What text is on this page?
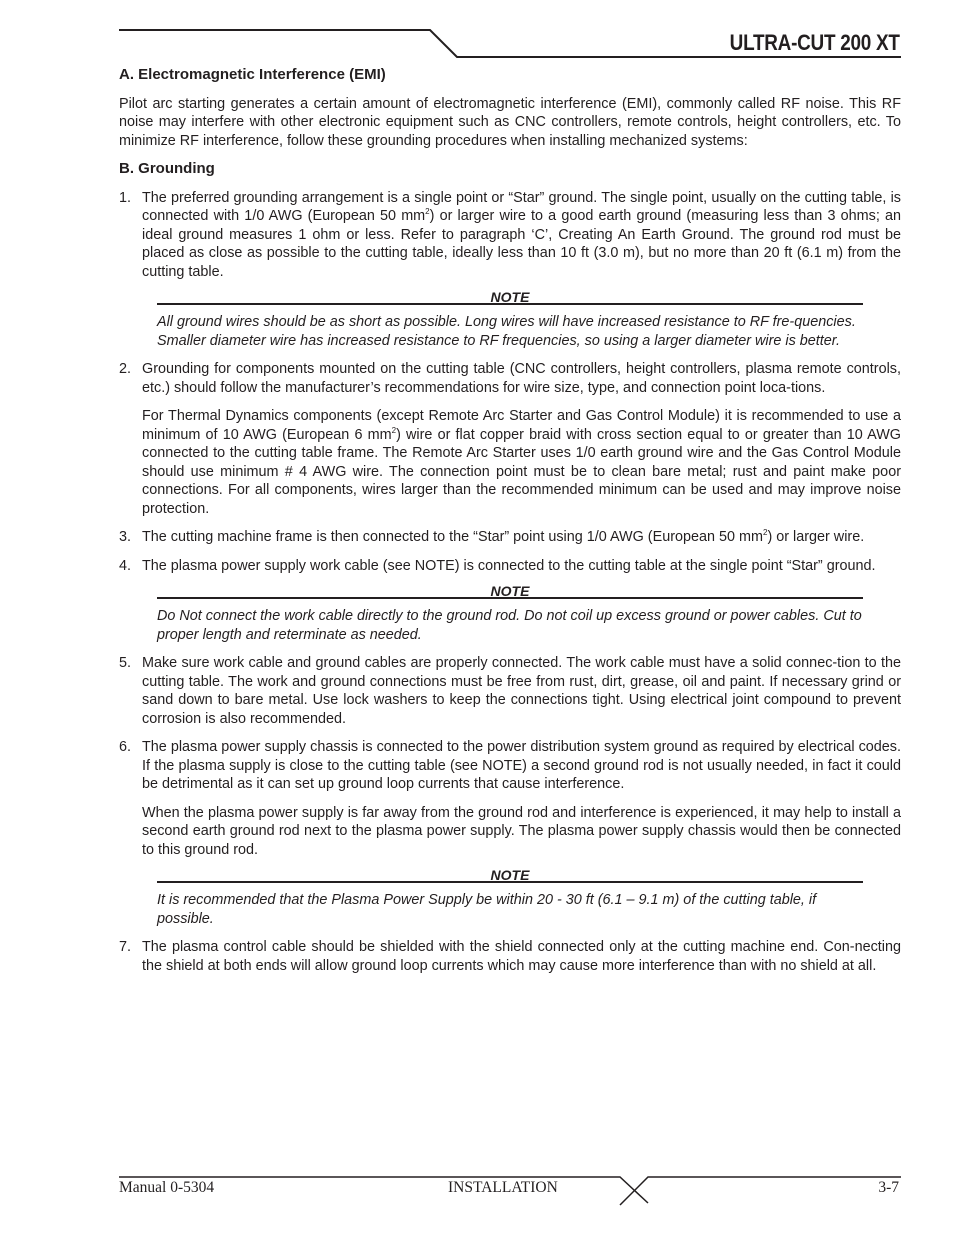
ULTRA-CUT 200 XT
A. Electromagnetic Interference (EMI)

Pilot arc starting generates a certain amount of electromagnetic interference (EMI), commonly called RF noise. This RF noise may interfere with other electronic equipment such as CNC controllers, remote controls, height controllers, etc. To minimize RF interference, follow these grounding procedures when installing mechanized systems:

B. Grounding
1. The preferred grounding arrangement is a single point or “Star” ground. The single point, usually on the cutting table, is connected with 1/0 AWG (European 50 $mm^2$) or larger wire to a good earth ground (measuring less than 3 ohms; an ideal ground measures 1 ohm or less. Refer to paragraph ‘C’, Creating An Earth Ground. The ground rod must be placed as close as possible to the cutting table, ideally less than 10 ft (3.0 m), but no more than 20 ft (6.1 m) from the cutting table.

NOTE
All ground wires should be as short as possible. Long wires will have increased resistance to RF fre-quencies. Smaller diameter wire has increased resistance to RF frequencies, so using a larger diameter wire is better.
2. Grounding for components mounted on the cutting table (CNC controllers, height controllers, plasma remote controls, etc.) should follow the manufacturer’s recommendations for wire size, type, and connection point loca-tions.

For Thermal Dynamics components (except Remote Arc Starter and Gas Control Module) it is recommended to use a minimum of 10 AWG (European 6 $mm^2$) wire or flat copper braid with cross section equal to or greater than 10 AWG connected to the cutting table frame. The Remote Arc Starter uses 1/0 earth ground wire and the Gas Control Module should use minimum # 4 AWG wire. The connection point must be to clean bare metal; rust and paint make poor connections. For all components, wires larger than the recommended minimum can be used and may improve noise protection.

3. The cutting machine frame is then connected to the “Star” point using 1/0 AWG (European 50 $mm^2$) or larger wire.

4. The plasma power supply work cable (see NOTE) is connected to the cutting table at the single point “Star” ground.

NOTE
Do Not connect the work cable directly to the ground rod. Do not coil up excess ground or power cables. Cut to proper length and reterminate as needed.
5. Make sure work cable and ground cables are properly connected. The work cable must have a solid connec-tion to the cutting table. The work and ground connections must be free from rust, dirt, grease, oil and paint. If necessary grind or sand down to bare metal. Use lock washers to keep the connections tight. Using electrical joint compound to prevent corrosion is also recommended.

6. The plasma power supply chassis is connected to the power distribution system ground as required by electrical codes. If the plasma supply is close to the cutting table (see NOTE) a second ground rod is not usually needed, in fact it could be detrimental as it can set up ground loop currents that cause interference.

When the plasma power supply is far away from the ground rod and interference is experienced, it may help to install a second earth ground rod next to the plasma power supply. The plasma power supply chassis would then be connected to this ground rod.

NOTE
It is recommended that the Plasma Power Supply be within 20 - 30 ft (6.1 – 9.1 m) of the cutting table, if possible.
7. The plasma control cable should be shielded with the shield connected only at the cutting machine end. Con-necting the shield at both ends will allow ground loop currents which may cause more interference than with no shield at all.

Manual 0-5304	INSTALLATION	3-7
